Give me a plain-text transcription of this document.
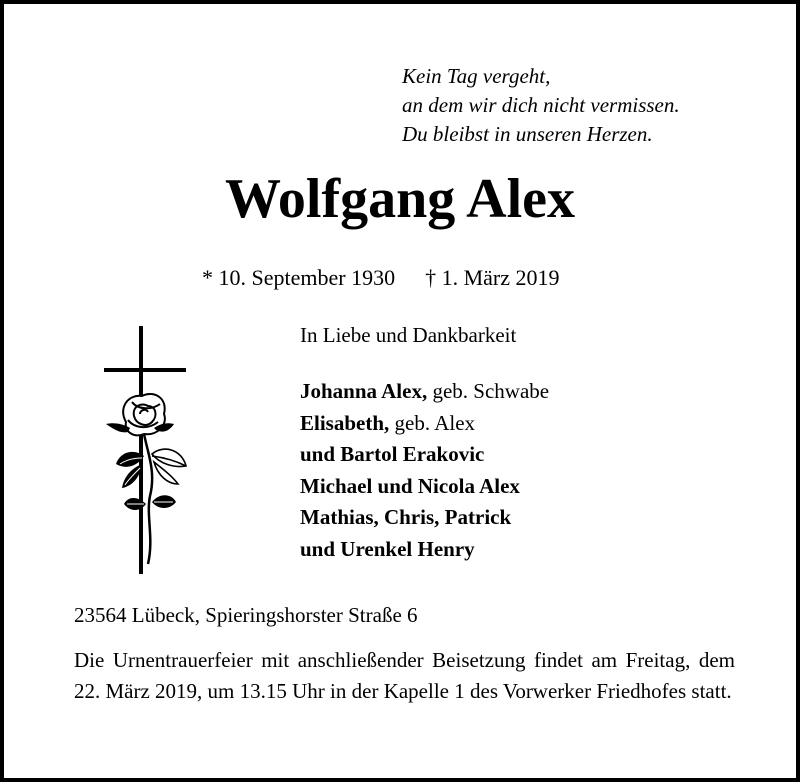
Kein Tag vergeht,
an dem wir dich nicht vermissen.
Du bleibst in unseren Herzen.
Wolfgang Alex
* 10. September 1930 † 1. März 2019
In Liebe und Dankbarkeit
Johanna Alex, geb. Schwabe
Elisabeth, geb. Alex
und Bartol Erakovic
Michael und Nicola Alex
Mathias, Chris, Patrick
und Urenkel Henry
23564 Lübeck, Spieringshorster Straße 6
Die Urnentrauerfeier mit anschließender Beisetzung findet am Freitag, dem 22. März 2019, um 13.15 Uhr in der Kapelle 1 des Vorwerker Friedhofes statt.
